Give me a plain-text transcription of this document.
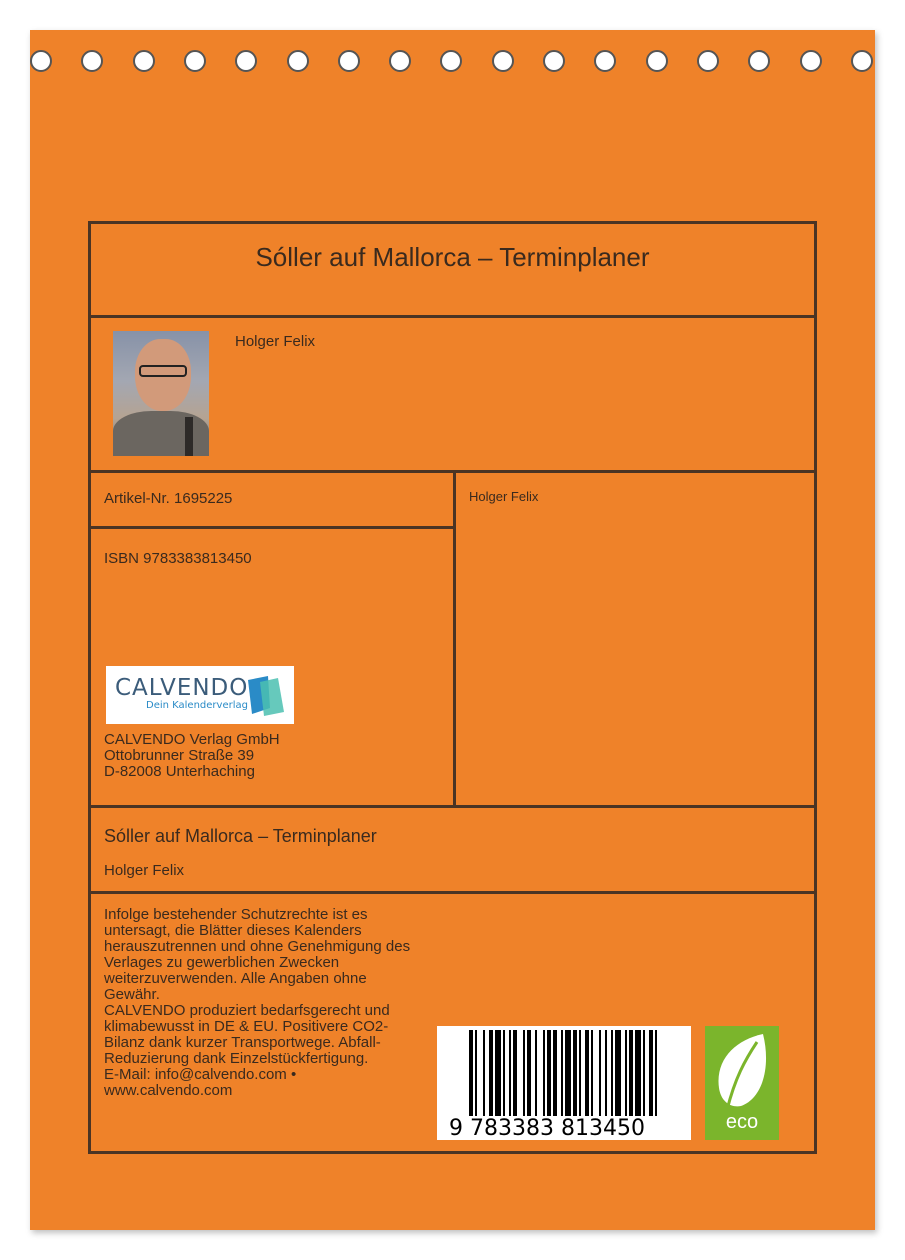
Sóller auf Mallorca – Terminplaner
Holger Felix
Artikel-Nr. 1695225
ISBN 9783383813450
Holger Felix
CALVENDO
Dein Kalenderverlag
CALVENDO Verlag GmbH
Ottobrunner Straße 39
D-82008 Unterhaching
Sóller auf Mallorca – Terminplaner
Holger Felix
Infolge bestehender Schutzrechte ist es
untersagt, die Blätter dieses Kalenders
herauszutrennen und ohne Genehmigung des
Verlages zu gewerblichen Zwecken
weiterzuverwenden. Alle Angaben ohne
Gewähr.
CALVENDO produziert bedarfsgerecht und
klimabewusst in DE & EU. Positivere CO2-
Bilanz dank kurzer Transportwege. Abfall-
Reduzierung dank Einzelstückfertigung.
E-Mail: info@calvendo.com •
www.calvendo.com
9 783383 813450	eco
